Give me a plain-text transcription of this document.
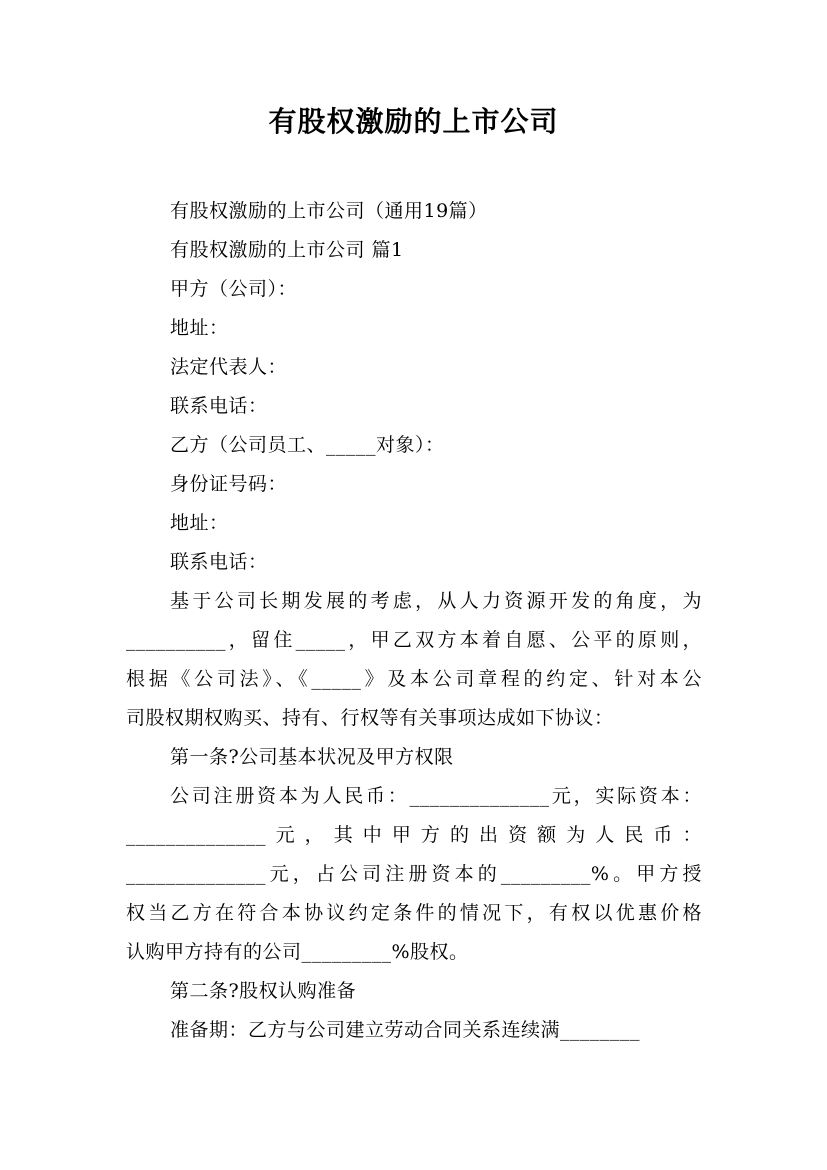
有股权激励的上市公司
有股权激励的上市公司（通用19篇）
有股权激励的上市公司 篇1
甲方（公司）：
地址：
法定代表人：
联系电话：
乙方（公司员工、_____对象）：
身份证号码：
地址：
联系电话：
基于公司长期发展的考虑，从人力资源开发的角度，为
__________，留住_____，甲乙双方本着自愿、公平的原则，
根据《公司法》、《_____》及本公司章程的约定、针对本公
司股权期权购买、持有、行权等有关事项达成如下协议：
第一条?公司基本状况及甲方权限
公司注册资本为人民币：______________元，实际资本：
______________元，其中甲方的出资额为人民币：
______________元，占公司注册资本的_________%。甲方授
权当乙方在符合本协议约定条件的情况下，有权以优惠价格
认购甲方持有的公司_________%股权。
第二条?股权认购准备
准备期：乙方与公司建立劳动合同关系连续满________
